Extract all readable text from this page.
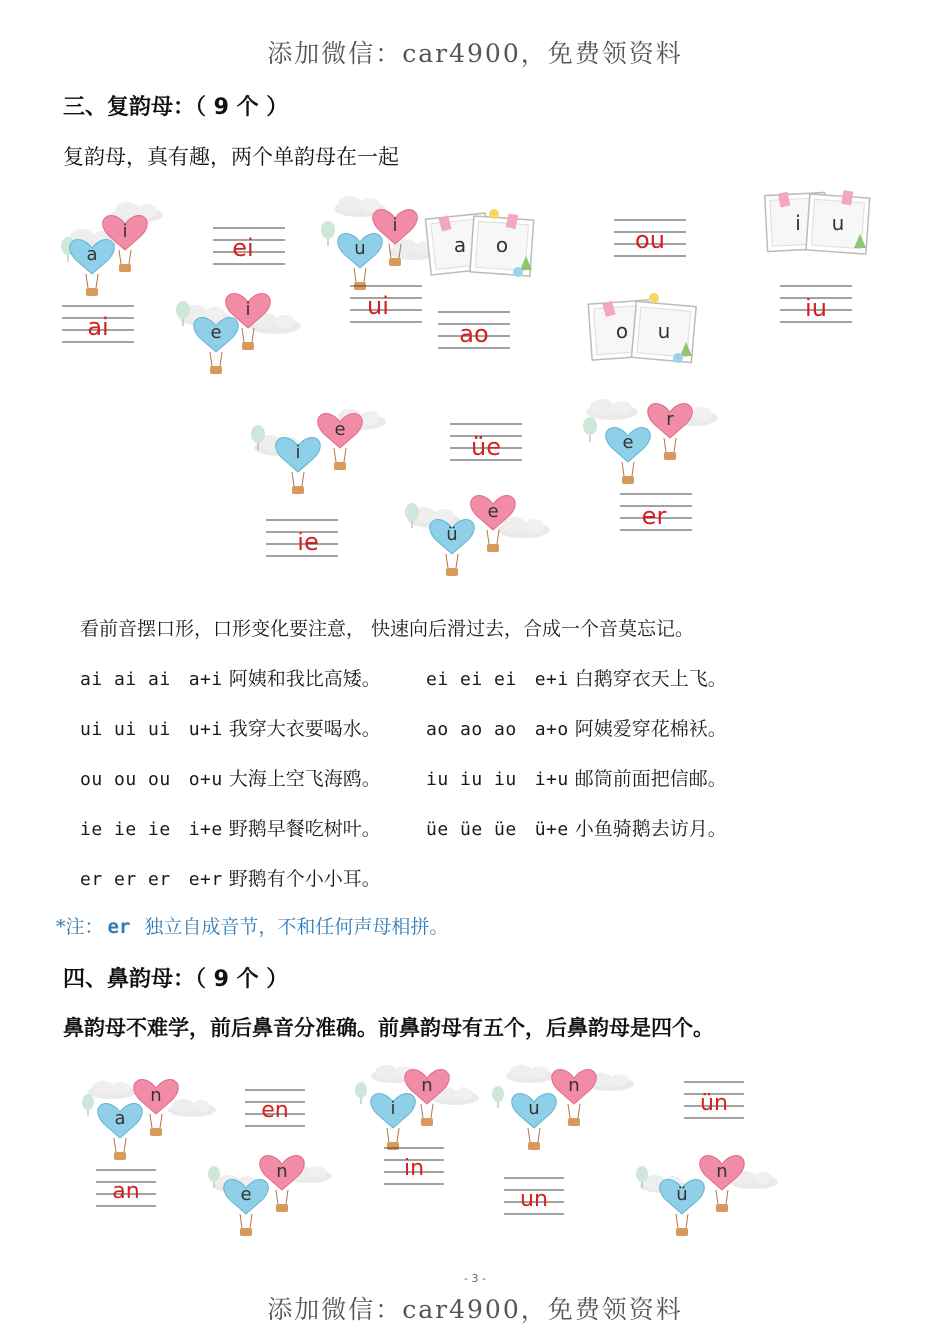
添加微信：car4900，免费领资料
三、复韵母：（ 9 个 ）
复韵母，真有趣，两个单韵母在一起
a
i
ai
ei
e
i
u
i
ui
a o
ao
ou
o u
i u
iu
i
e
ie
üe
ü
e
e
r
er
看前音摆口形，口形变化要注意， 快速向后滑过去，合成一个音莫忘记。
ai ai ai a+i 阿姨和我比高矮。	ei ei ei e+i 白鹅穿衣天上飞。
ui ui ui u+i 我穿大衣要喝水。	ao ao ao a+o 阿姨爱穿花棉袄。
ou ou ou o+u 大海上空飞海鸥。	iu iu iu i+u 邮筒前面把信邮。
ie ie ie i+e 野鹅早餐吃树叶。	üe üe üe ü+e 小鱼骑鹅去访月。
er er er e+r 野鹅有个小小耳。
*注： er 独立自成音节，不和任何声母相拼。
四、鼻韵母：（ 9 个 ）
鼻韵母不难学，前后鼻音分准确。前鼻韵母有五个，后鼻韵母是四个。
a
n
an
en
e
n
i
n
in
u
n
un
ün
ü
n
- 3 -
添加微信：car4900，免费领资料
